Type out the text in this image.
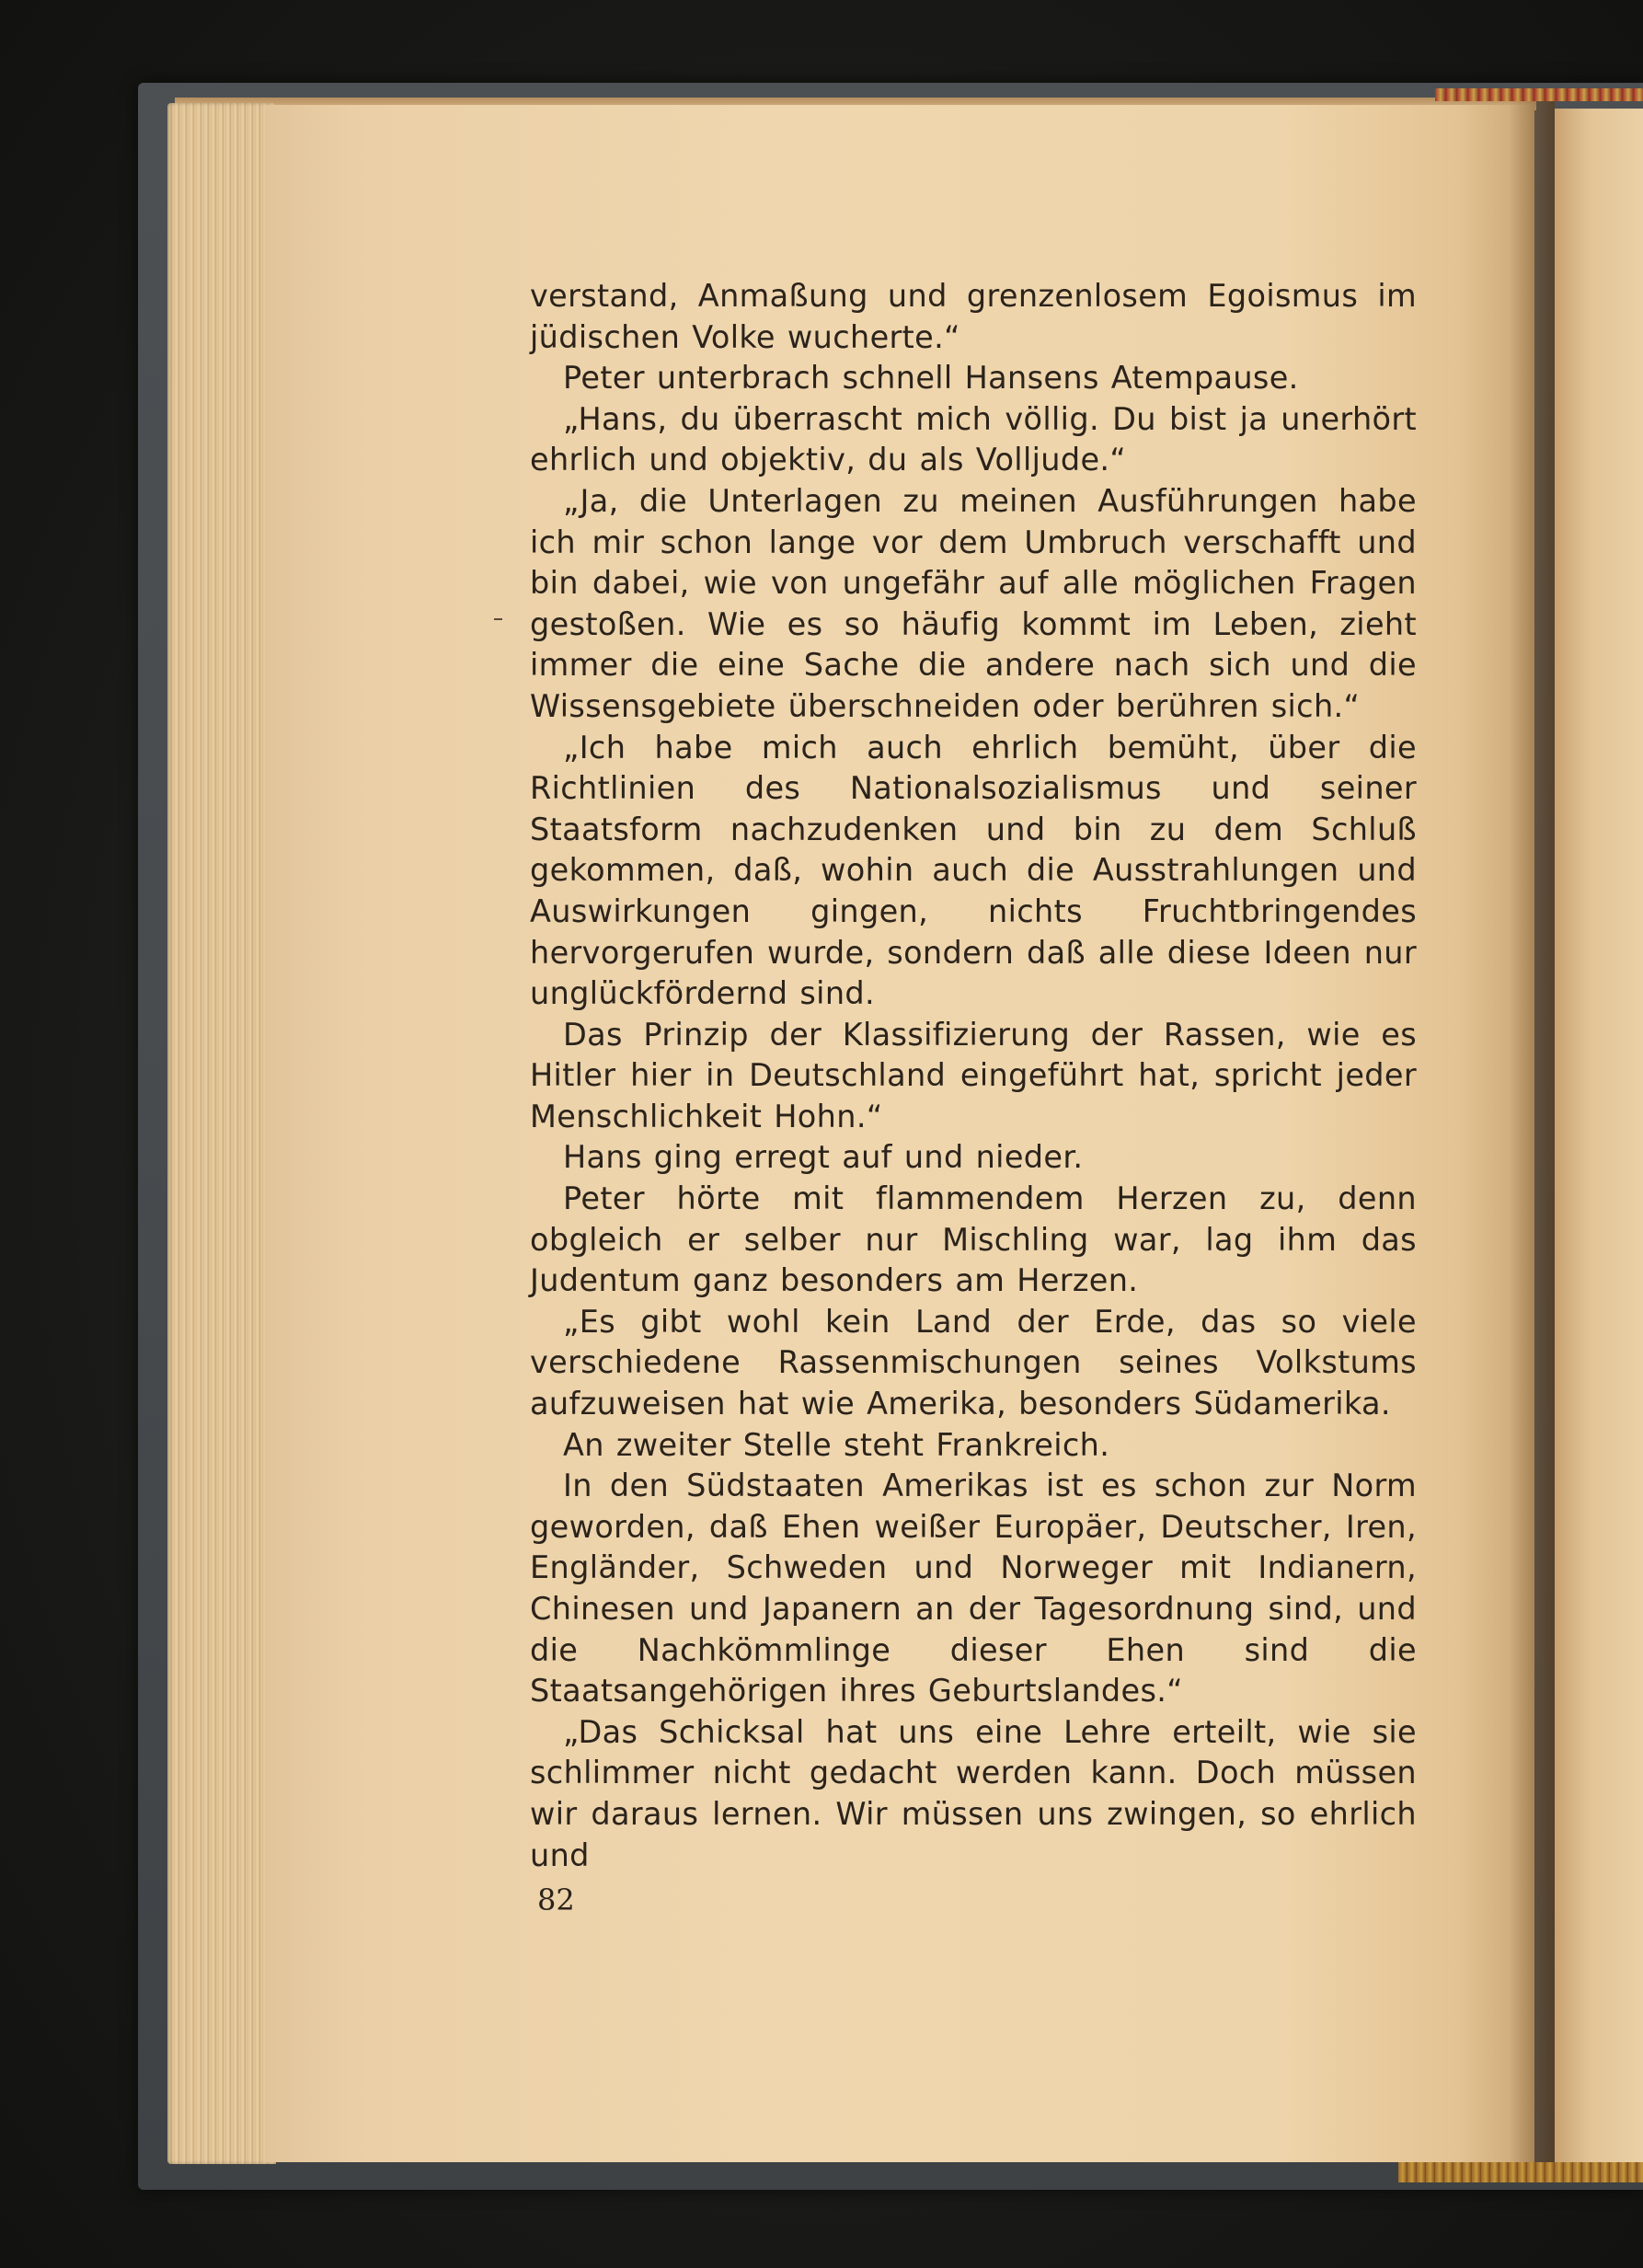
verstand, Anmaßung und grenzenlosem Egoismus im jüdischen Volke wucherte.“

Peter unterbrach schnell Hansens Atempause.

„Hans, du überrascht mich völlig. Du bist ja unerhört ehrlich und objektiv, du als Volljude.“

„Ja, die Unterlagen zu meinen Ausführungen habe ich mir schon lange vor dem Umbruch verschafft und bin dabei, wie von ungefähr auf alle möglichen Fragen gestoßen. Wie es so häufig kommt im Leben, zieht immer die eine Sache die andere nach sich und die Wissensgebiete überschneiden oder berühren sich.“

„Ich habe mich auch ehrlich bemüht, über die Richtlinien des Nationalsozialismus und seiner Staatsform nachzudenken und bin zu dem Schluß gekommen, daß, wohin auch die Ausstrahlungen und Auswirkungen gingen, nichts Fruchtbringendes hervorgerufen wurde, sondern daß alle diese Ideen nur unglückfördernd sind.

Das Prinzip der Klassifizierung der Rassen, wie es Hitler hier in Deutschland eingeführt hat, spricht jeder Menschlichkeit Hohn.“

Hans ging erregt auf und nieder.

Peter hörte mit flammendem Herzen zu, denn obgleich er selber nur Mischling war, lag ihm das Judentum ganz besonders am Herzen.

„Es gibt wohl kein Land der Erde, das so viele verschiedene Rassenmischungen seines Volkstums aufzuweisen hat wie Amerika, besonders Südamerika.

An zweiter Stelle steht Frankreich.

In den Südstaaten Amerikas ist es schon zur Norm geworden, daß Ehen weißer Europäer, Deutscher, Iren, Engländer, Schweden und Norweger mit Indianern, Chinesen und Japanern an der Tagesordnung sind, und die Nachkömmlinge dieser Ehen sind die Staatsangehörigen ihres Geburtslandes.“

„Das Schicksal hat uns eine Lehre erteilt, wie sie schlimmer nicht gedacht werden kann. Doch müssen wir daraus lernen. Wir müssen uns zwingen, so ehrlich und

82
